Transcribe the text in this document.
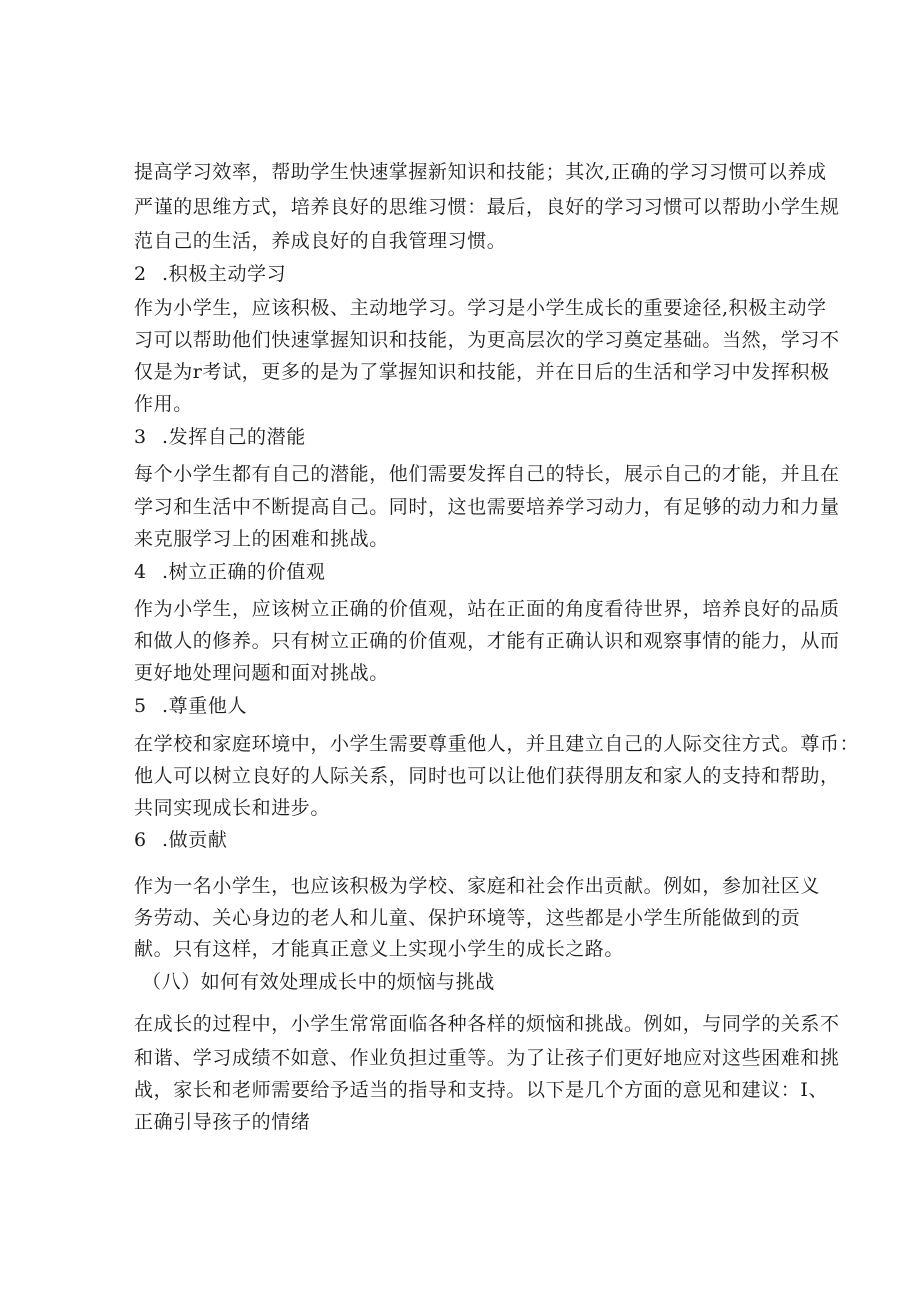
提高学习效率，帮助学生快速掌握新知识和技能；其次,正确的学习习惯可以养成
严谨的思维方式，培养良好的思维习惯：最后，良好的学习习惯可以帮助小学生规
范自己的生活，养成良好的自我管理习惯。
2 .积极主动学习
作为小学生，应该积极、主动地学习。学习是小学生成长的重要途径,积极主动学
习可以帮助他们快速掌握知识和技能，为更高层次的学习奠定基础。当然，学习不
仅是为r考试，更多的是为了掌握知识和技能，并在日后的生活和学习中发挥积极
作用。
3 .发挥自己的潜能
每个小学生都有自己的潜能，他们需要发挥自己的特长，展示自己的才能，并且在
学习和生活中不断提高自己。同时，这也需要培养学习动力，有足够的动力和力量
来克服学习上的困难和挑战。
4 .树立正确的价值观
作为小学生，应该树立正确的价值观，站在正面的角度看待世界，培养良好的品质
和做人的修养。只有树立正确的价值观，才能有正确认识和观察事情的能力，从而
更好地处理问题和面对挑战。
5 .尊重他人
在学校和家庭环境中，小学生需要尊重他人，并且建立自己的人际交往方式。尊币：
他人可以树立良好的人际关系，同时也可以让他们获得朋友和家人的支持和帮助，
共同实现成长和进步。
6 .做贡献
作为一名小学生，也应该积极为学校、家庭和社会作出贡献。例如，参加社区义
务劳动、关心身边的老人和儿童、保护环境等，这些都是小学生所能做到的贡
献。只有这样，才能真正意义上实现小学生的成长之路。
（八）如何有效处理成长中的烦恼与挑战
在成长的过程中，小学生常常面临各种各样的烦恼和挑战。例如，与同学的关系不
和谐、学习成绩不如意、作业负担过重等。为了让孩子们更好地应对这些困难和挑
战，家长和老师需要给予适当的指导和支持。以下是几个方面的意见和建议：I、
正确引导孩子的情绪
